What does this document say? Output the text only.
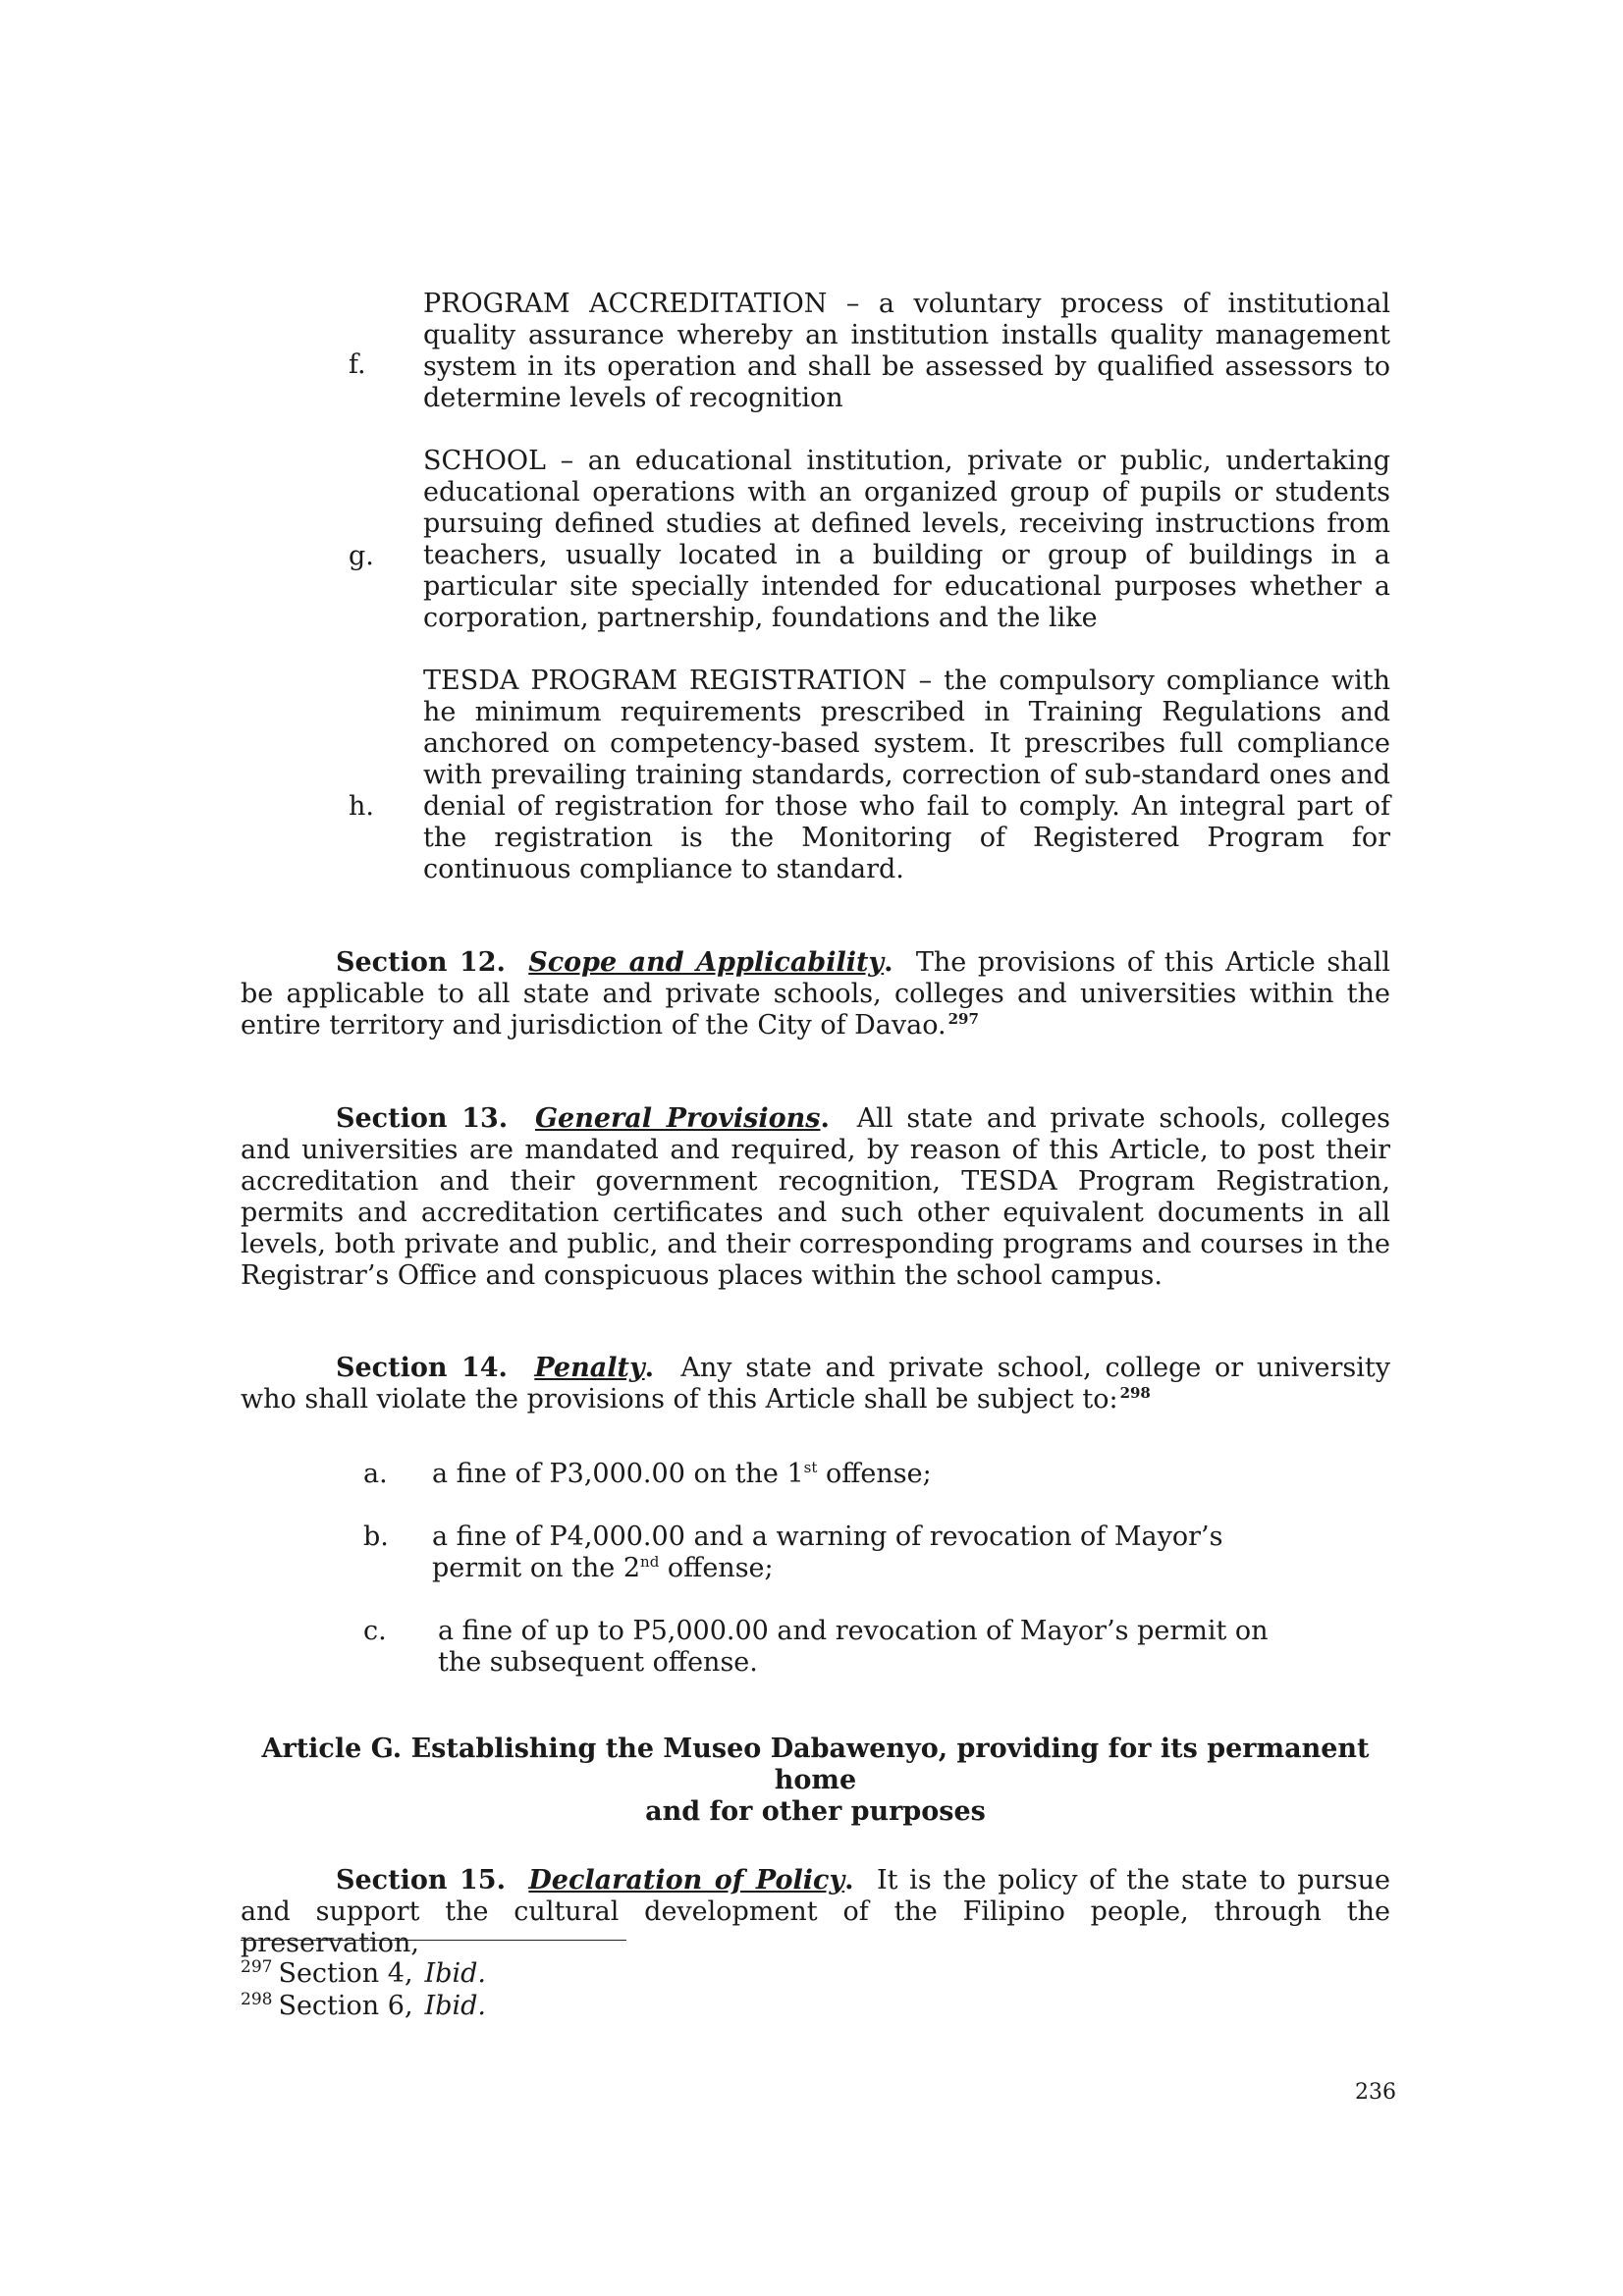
f.
PROGRAM ACCREDITATION – a voluntary process of institutional quality assurance whereby an institution installs quality management system in its operation and shall be assessed by qualified assessors to determine levels of recognition
g.
SCHOOL – an educational institution, private or public, undertaking educational operations with an organized group of pupils or students pursuing defined studies at defined levels, receiving instructions from teachers, usually located in a building or group of buildings in a particular site specially intended for educational purposes whether a corporation, partnership, foundations and the like
h.
TESDA PROGRAM REGISTRATION – the compulsory compliance with he minimum requirements prescribed in Training Regulations and anchored on competency-based system. It prescribes full compliance with prevailing training standards, correction of sub-standard ones and denial of registration for those who fail to comply. An integral part of the registration is the Monitoring of Registered Program for continuous compliance to standard.

Section 12. Scope and Applicability. The provisions of this Article shall be applicable to all state and private schools, colleges and universities within the entire territory and jurisdiction of the City of Davao. $^{297}$

Section 13. General Provisions. All state and private schools, colleges and universities are mandated and required, by reason of this Article, to post their accreditation and their government recognition, TESDA Program Registration, permits and accreditation certificates and such other equivalent documents in all levels, both private and public, and their corresponding programs and courses in the Registrar’s Office and conspicuous places within the school campus.

Section 14. Penalty. Any state and private school, college or university who shall violate the provisions of this Article shall be subject to: $^{298}$

a. a fine of P3,000.00 on the 1st offense;
b. a fine of P4,000.00 and a warning of revocation of Mayor’s
permit on the 2nd offense;
c. a fine of up to P5,000.00 and revocation of Mayor’s permit on
the subsequent offense.
Article G. Establishing the Museo Dabawenyo, providing for its permanent home
and for other purposes

Section 15. Declaration of Policy. It is the policy of the state to pursue and support the cultural development of the Filipino people, through the preservation,

$^{297}$ Section 4, Ibid.
$^{298}$ Section 6, Ibid.
236
